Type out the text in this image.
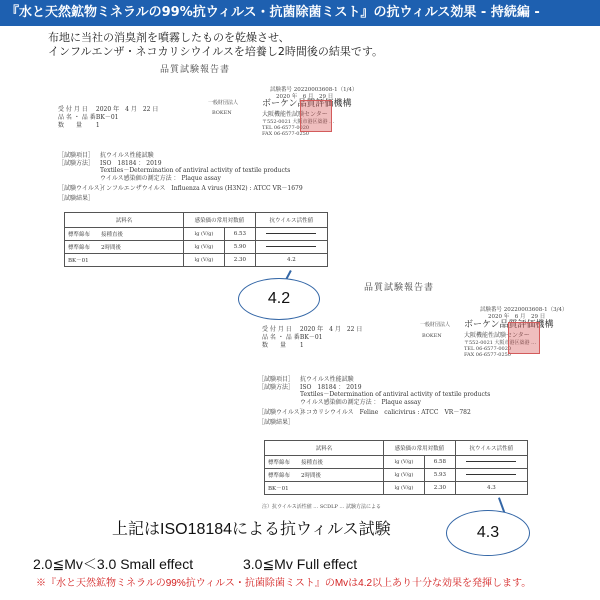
『水と天然鉱物ミネラルの99%抗ウィルス・抗菌除菌ミスト』の抗ウィルス効果 - 持続編 -
布地に当社の消臭剤を噴霧したものを乾燥させ、
インフルエンザ・ネコカリシウイルスを培養し2時間後の結果です。
品質試験報告書
試験番号 20220003608-1（1/4）
2020 年　6 月　29 日
受 付 月 日 2020 年　4 月　22 日
品 名 ・ 品 番 BK－01
数　　量 1
一般財団法人	ボーケン品質評価機構
大阪機能性試験センター
〒552-0021 大阪市港区築港 …
TEL 06-6577-0020
FAX 06-6577-0250
BOKEN
［試験項目］ 抗ウイルス性能試験
［試験方法］ ISO　18184 ： 2019
Textiles－Determination of antiviral activity of textile products
ウイルス感染価の測定方法 ： Plaque assay
［試験ウイルス］インフルエンザウイルス　Influenza A virus (H3N2) : ATCC VR－1679
［試験結果］
試料名	感染価の常用対数値		抗ウイルス活性値
標準綿布　　接種直後	lg (V/g)	6.53	
標準綿布　　2時間後	lg (V/g)	5.90	
BK－01	lg (V/g)	2.30	4.2
品質試験報告書
試験番号 20220003608-1（3/4）
2020 年　6 月　29 日
受 付 月 日 2020 年　4 月　22 日
品 名 ・ 品 番 BK－01
数　　量 1
一般財団法人 ボーケン品質評価機構
大阪機能性試験センター
〒552-0021 大阪市港区築港 …
TEL 06-6577-0020
FAX 06-6577-0250
BOKEN
［試験項目］ 抗ウイルス性能試験
［試験方法］ ISO　18184 ： 2019
Textiles－Determination of antiviral activity of textile products
ウイルス感染価の測定方法 ： Plaque assay
［試験ウイルス］ネコカリシウイルス　Feline　calicivirus : ATCC　VR－782
［試験結果］
試料名	感染価の常用対数値		抗ウイルス活性値
標準綿布　　接種直後	lg (V/g)	6.58	
標準綿布　　2時間後	lg (V/g)	5.93	
BK－01	lg (V/g)	2.30	4.3
注）抗ウイルス活性値 … SCDLP … 試験方法による
4.2
4.3
上記はISO18184による抗ウィルス試験
2.0≦Mv＜3.0 Small effect	3.0≦Mv Full effect
※『水と天然鉱物ミネラルの99%抗ウィルス・抗菌除菌ミスト』のMvは4.2以上あり十分な効果を発揮します。
